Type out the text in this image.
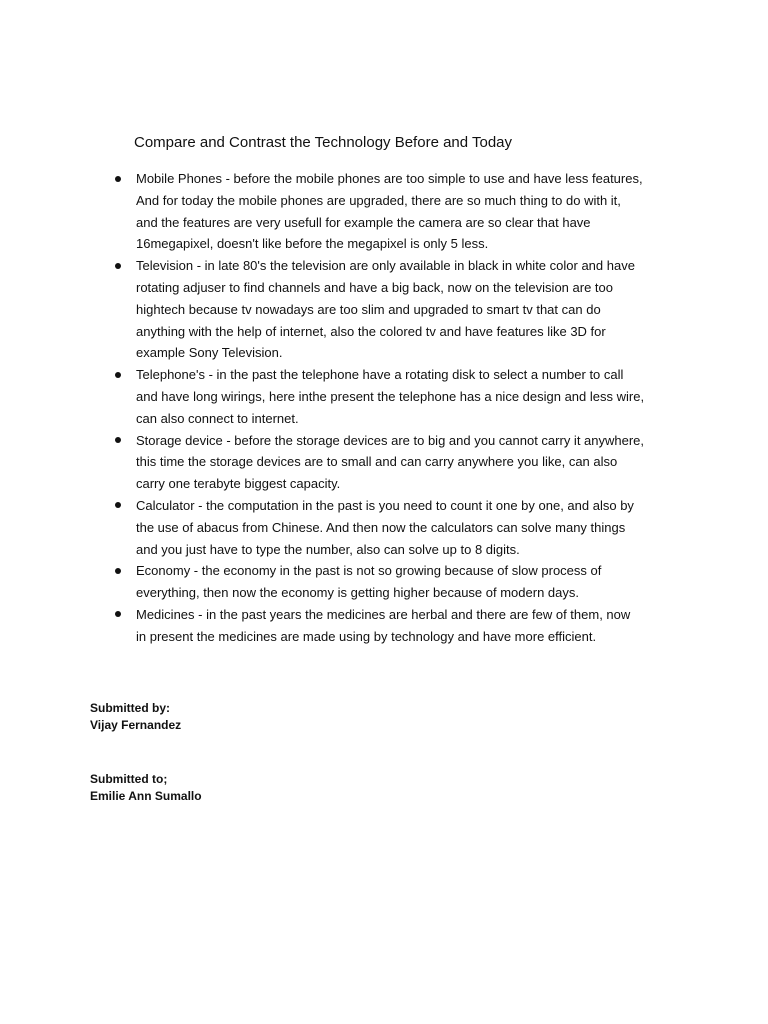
Compare and Contrast the Technology Before and Today
Mobile Phones - before the mobile phones are too simple to use and have less features,
And for today the mobile phones are upgraded, there are so much thing to do with it,
and the features are very usefull for example the camera are so clear that have
16megapixel, doesn't like before the megapixel is only 5 less.
Television - in late 80's the television are only available in black in white color and have
rotating adjuser to find channels and have a big back, now on the television are too
hightech because tv nowadays are too slim and upgraded to smart tv that can do
anything with the help of internet, also the colored tv and have features like 3D for
example Sony Television.
Telephone's - in the past the telephone have a rotating disk to select a number to call
and have long wirings, here inthe present the telephone has a nice design and less wire,
can also connect to internet.
Storage device - before the storage devices are to big and you cannot carry it anywhere,
this time the storage devices are to small and can carry anywhere you like, can also
carry one terabyte biggest capacity.
Calculator - the computation in the past is you need to count it one by one, and also by
the use of abacus from Chinese. And then now the calculators can solve many things
and you just have to type the number, also can solve up to 8 digits.
Economy - the economy in the past is not so growing because of slow process of
everything, then now the economy is getting higher because of modern days.
Medicines - in the past years the medicines are herbal and there are few of them, now
in present the medicines are made using by technology and have more efficient.
Submitted by:
Vijay Fernandez
Submitted to;
Emilie Ann Sumallo
